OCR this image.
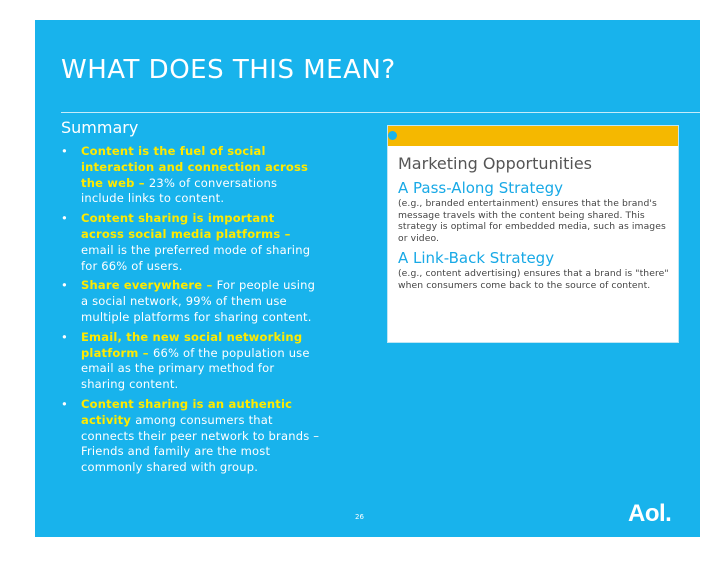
WHAT DOES THIS MEAN?
Summary
• Content is the fuel of social interaction and connection across the web – 23% of conversations include links to content.
• Content sharing is important across social media platforms – email is the preferred mode of sharing for 66% of users.
• Share everywhere – For people using a social network, 99% of them use multiple platforms for sharing content.
• Email, the new social networking platform – 66% of the population use email as the primary method for sharing content.
• Content sharing is an authentic activity among consumers that connects their peer network to brands – Friends and family are the most commonly shared with group.
Marketing Opportunities
A Pass-Along Strategy

(e.g., branded entertainment) ensures that the brand's message travels with the content being shared. This strategy is optimal for embedded media, such as images or video.

A Link-Back Strategy

(e.g., content advertising) ensures that a brand is "there" when consumers come back to the source of content.

26	Aol.
